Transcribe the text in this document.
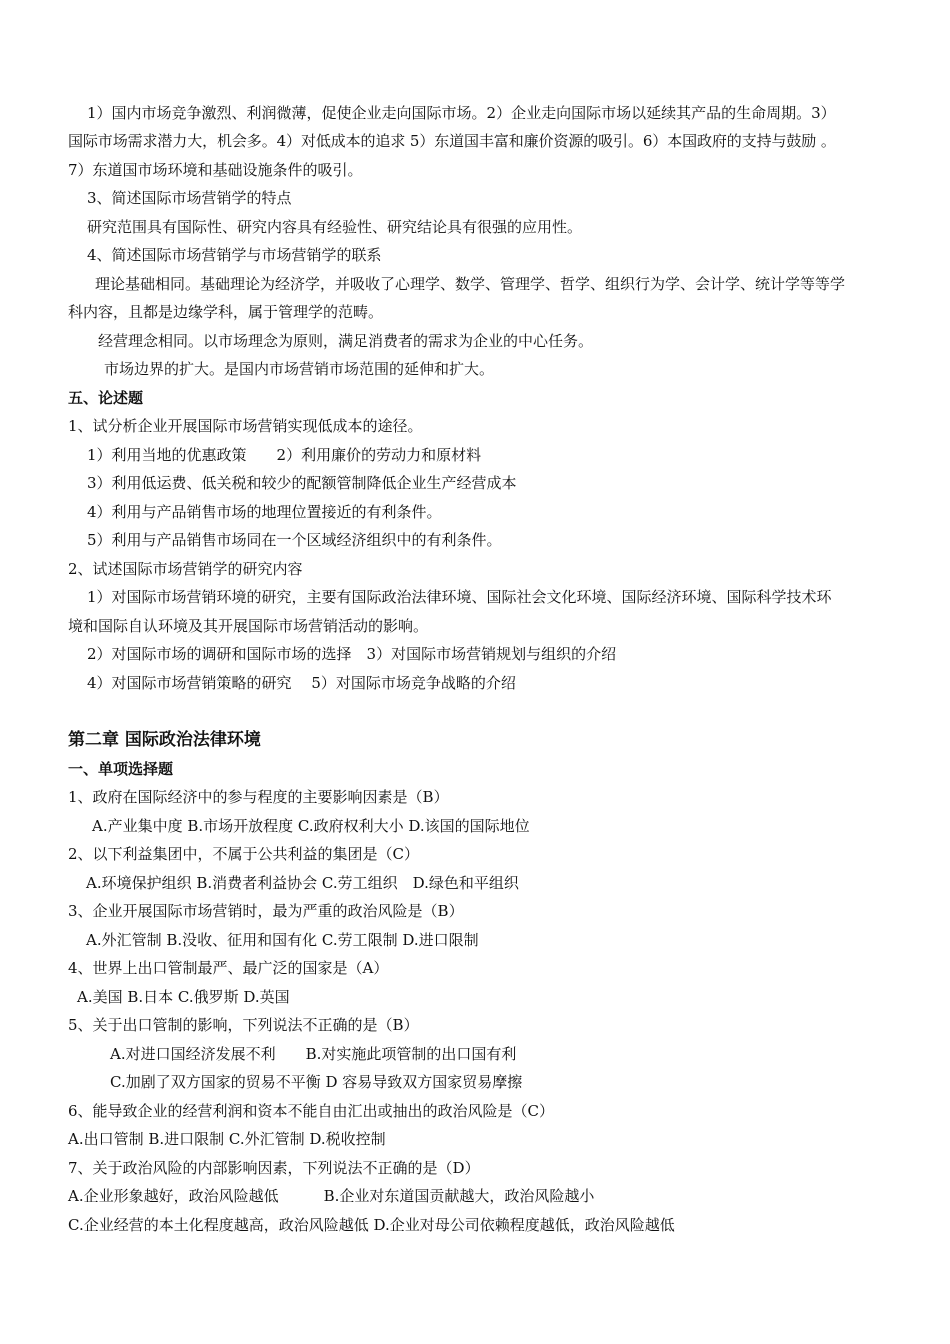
1）国内市场竞争激烈、利润微薄，促使企业走向国际市场。2）企业走向国际市场以延续其产品的生命周期。3）
国际市场需求潜力大，机会多。4）对低成本的追求 5）东道国丰富和廉价资源的吸引。6）本国政府的支持与鼓励 。
7）东道国市场环境和基础设施条件的吸引。
3、简述国际市场营销学的特点
研究范围具有国际性、研究内容具有经验性、研究结论具有很强的应用性。
4、简述国际市场营销学与市场营销学的联系
理论基础相同。基础理论为经济学，并吸收了心理学、数学、管理学、哲学、组织行为学、会计学、统计学等等学
科内容，且都是边缘学科，属于管理学的范畴。
经营理念相同。以市场理念为原则，满足消费者的需求为企业的中心任务。
市场边界的扩大。是国内市场营销市场范围的延伸和扩大。
五、论述题
1、试分析企业开展国际市场营销实现低成本的途径。
1）利用当地的优惠政策　　2）利用廉价的劳动力和原材料
3）利用低运费、低关税和较少的配额管制降低企业生产经营成本
4）利用与产品销售市场的地理位置接近的有利条件。
5）利用与产品销售市场同在一个区域经济组织中的有利条件。
2、试述国际市场营销学的研究内容
1）对国际市场营销环境的研究，主要有国际政治法律环境、国际社会文化环境、国际经济环境、国际科学技术环
境和国际自认环境及其开展国际市场营销活动的影响。
2）对国际市场的调研和国际市场的选择　3）对国际市场营销规划与组织的介绍
4）对国际市场营销策略的研究　 5）对国际市场竞争战略的介绍
第二章 国际政治法律环境
一、单项选择题
1、政府在国际经济中的参与程度的主要影响因素是（B）
A.产业集中度 B.市场开放程度 C.政府权利大小 D.该国的国际地位
2、以下利益集团中，不属于公共利益的集团是（C）
A.环境保护组织 B.消费者利益协会 C.劳工组织　D.绿色和平组织
3、企业开展国际市场营销时，最为严重的政治风险是（B）
A.外汇管制 B.没收、征用和国有化 C.劳工限制 D.进口限制
4、世界上出口管制最严、最广泛的国家是（A）
A.美国 B.日本 C.俄罗斯 D.英国
5、关于出口管制的影响，下列说法不正确的是（B）
A.对进口国经济发展不利　　B.对实施此项管制的出口国有利
C.加剧了双方国家的贸易不平衡 D 容易导致双方国家贸易摩擦
6、能导致企业的经营利润和资本不能自由汇出或抽出的政治风险是（C）
A.出口管制 B.进口限制 C.外汇管制 D.税收控制
7、关于政治风险的内部影响因素，下列说法不正确的是（D）
A.企业形象越好，政治风险越低　　　B.企业对东道国贡献越大，政治风险越小
C.企业经营的本土化程度越高，政治风险越低 D.企业对母公司依赖程度越低，政治风险越低
